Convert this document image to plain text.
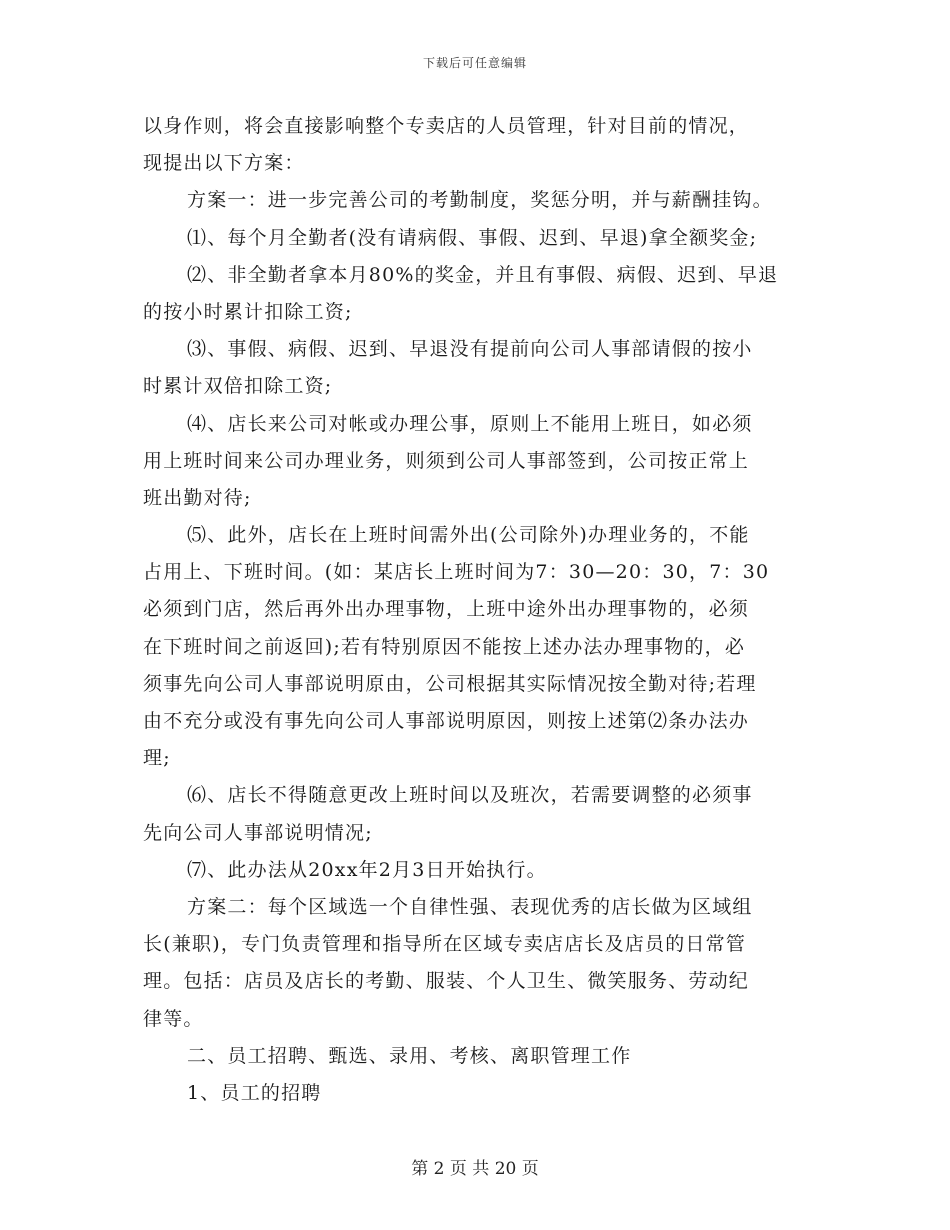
下载后可任意编辑
以身作则，将会直接影响整个专卖店的人员管理，针对目前的情况，
现提出以下方案：
方案一：进一步完善公司的考勤制度，奖惩分明，并与薪酬挂钩。
⑴、每个月全勤者(没有请病假、事假、迟到、早退)拿全额奖金;
⑵、非全勤者拿本月80%的奖金，并且有事假、病假、迟到、早退
的按小时累计扣除工资;
⑶、事假、病假、迟到、早退没有提前向公司人事部请假的按小
时累计双倍扣除工资;
⑷、店长来公司对帐或办理公事，原则上不能用上班日，如必须
用上班时间来公司办理业务，则须到公司人事部签到，公司按正常上
班出勤对待;
⑸、此外，店长在上班时间需外出(公司除外)办理业务的，不能
占用上、下班时间。(如：某店长上班时间为7：30—20：30，7：30
必须到门店，然后再外出办理事物，上班中途外出办理事物的，必须
在下班时间之前返回);若有特别原因不能按上述办法办理事物的，必
须事先向公司人事部说明原由，公司根据其实际情况按全勤对待;若理
由不充分或没有事先向公司人事部说明原因，则按上述第⑵条办法办
理;
⑹、店长不得随意更改上班时间以及班次，若需要调整的必须事
先向公司人事部说明情况;
⑺、此办法从20xx年2月3日开始执行。
方案二：每个区域选一个自律性强、表现优秀的店长做为区域组
长(兼职)，专门负责管理和指导所在区域专卖店店长及店员的日常管
理。包括：店员及店长的考勤、服装、个人卫生、微笑服务、劳动纪
律等。
二、员工招聘、甄选、录用、考核、离职管理工作
1、员工的招聘
第 2 页 共 20 页
